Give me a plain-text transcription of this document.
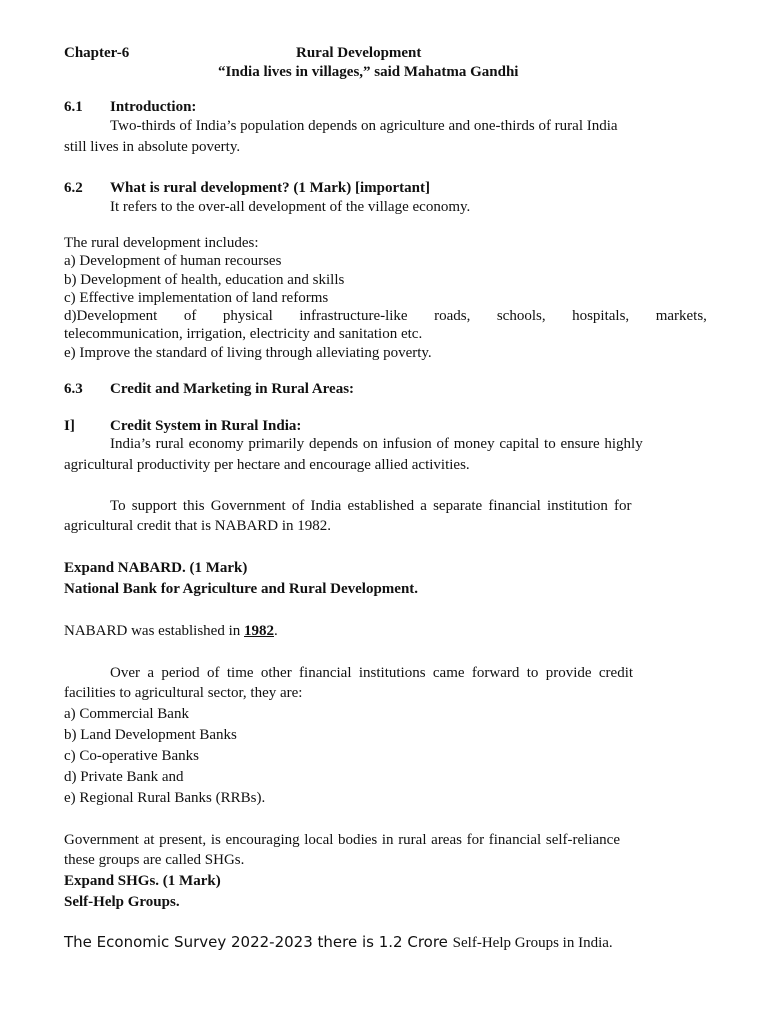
Chapter-6	Rural Development
“India lives in villages,” said Mahatma Gandhi
6.1 Introduction:
Two-thirds of India’s population depends on agriculture and one-thirds of rural India
still lives in absolute poverty.
6.2 What is rural development? (1 Mark) [important]
It refers to the over-all development of the village economy.
The rural development includes:
a) Development of human recourses
b) Development of health, education and skills
c) Effective implementation of land reforms
d)Development of physical infrastructure-like roads, schools, hospitals, markets,
telecommunication, irrigation, electricity and sanitation etc.
e) Improve the standard of living through alleviating poverty.
6.3 Credit and Marketing in Rural Areas:
I] Credit System in Rural India:
India’s rural economy primarily depends on infusion of money capital to ensure highly
agricultural productivity per hectare and encourage allied activities.
To support this Government of India established a separate financial institution for
agricultural credit that is NABARD in 1982.
Expand NABARD. (1 Mark)
National Bank for Agriculture and Rural Development.
NABARD was established in 1982.
Over a period of time other financial institutions came forward to provide credit
facilities to agricultural sector, they are:
a) Commercial Bank
b) Land Development Banks
c) Co-operative Banks
d) Private Bank and
e) Regional Rural Banks (RRBs).
Government at present, is encouraging local bodies in rural areas for financial self-reliance
these groups are called SHGs.
Expand SHGs. (1 Mark)
Self-Help Groups.
The Economic Survey 2022-2023 there is 1.2 Crore Self-Help Groups in India.
